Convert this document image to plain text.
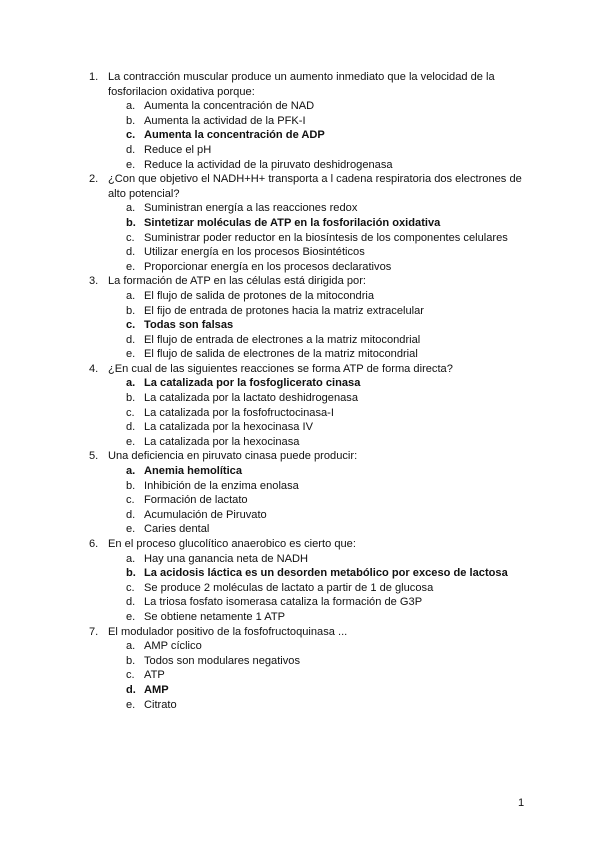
1. La contracción muscular produce un aumento inmediato que la velocidad de la fosforilacion oxidativa porque:
a. Aumenta la concentración de NAD
b. Aumenta la actividad de la PFK-I
c. Aumenta la concentración de ADP
d. Reduce el pH
e. Reduce la actividad de la piruvato deshidrogenasa
2. ¿Con que objetivo el NADH+H+ transporta a l cadena respiratoria dos electrones de alto potencial?
a. Suministran energía a las reacciones redox
b. Sintetizar moléculas de ATP en la fosforilación oxidativa
c. Suministrar poder reductor en la biosíntesis de los componentes celulares
d. Utilizar energía en los procesos Biosintéticos
e. Proporcionar energía en los procesos declarativos
3. La formación de ATP en las células está dirigida por:
a. El flujo de salida de protones de la mitocondria
b. El fijo de entrada de protones hacia la matriz extracelular
c. Todas son falsas
d. El flujo de entrada de electrones a la matriz mitocondrial
e. El flujo de salida de electrones de la matriz mitocondrial
4. ¿En cual de las siguientes reacciones se forma ATP de forma directa?
a. La catalizada por la fosfoglicerato cinasa
b. La catalizada por la lactato deshidrogenasa
c. La catalizada por la fosfofructocinasa-I
d. La catalizada por la hexocinasa IV
e. La catalizada por la hexocinasa
5. Una deficiencia en piruvato cinasa puede producir:
a. Anemia hemolítica
b. Inhibición de la enzima enolasa
c. Formación de lactato
d. Acumulación de Piruvato
e. Caries dental
6. En el proceso glucolítico anaerobico es cierto que:
a. Hay una ganancia neta de NADH
b. La acidosis láctica es un desorden metabólico por exceso de lactosa
c. Se produce 2 moléculas de lactato a partir de 1 de glucosa
d. La triosa fosfato isomerasa cataliza la formación de G3P
e. Se obtiene netamente 1 ATP
7. El modulador positivo de la fosfofructoquinasa ...
a. AMP cíclico
b. Todos son modulares negativos
c. ATP
d. AMP
e. Citrato
1
